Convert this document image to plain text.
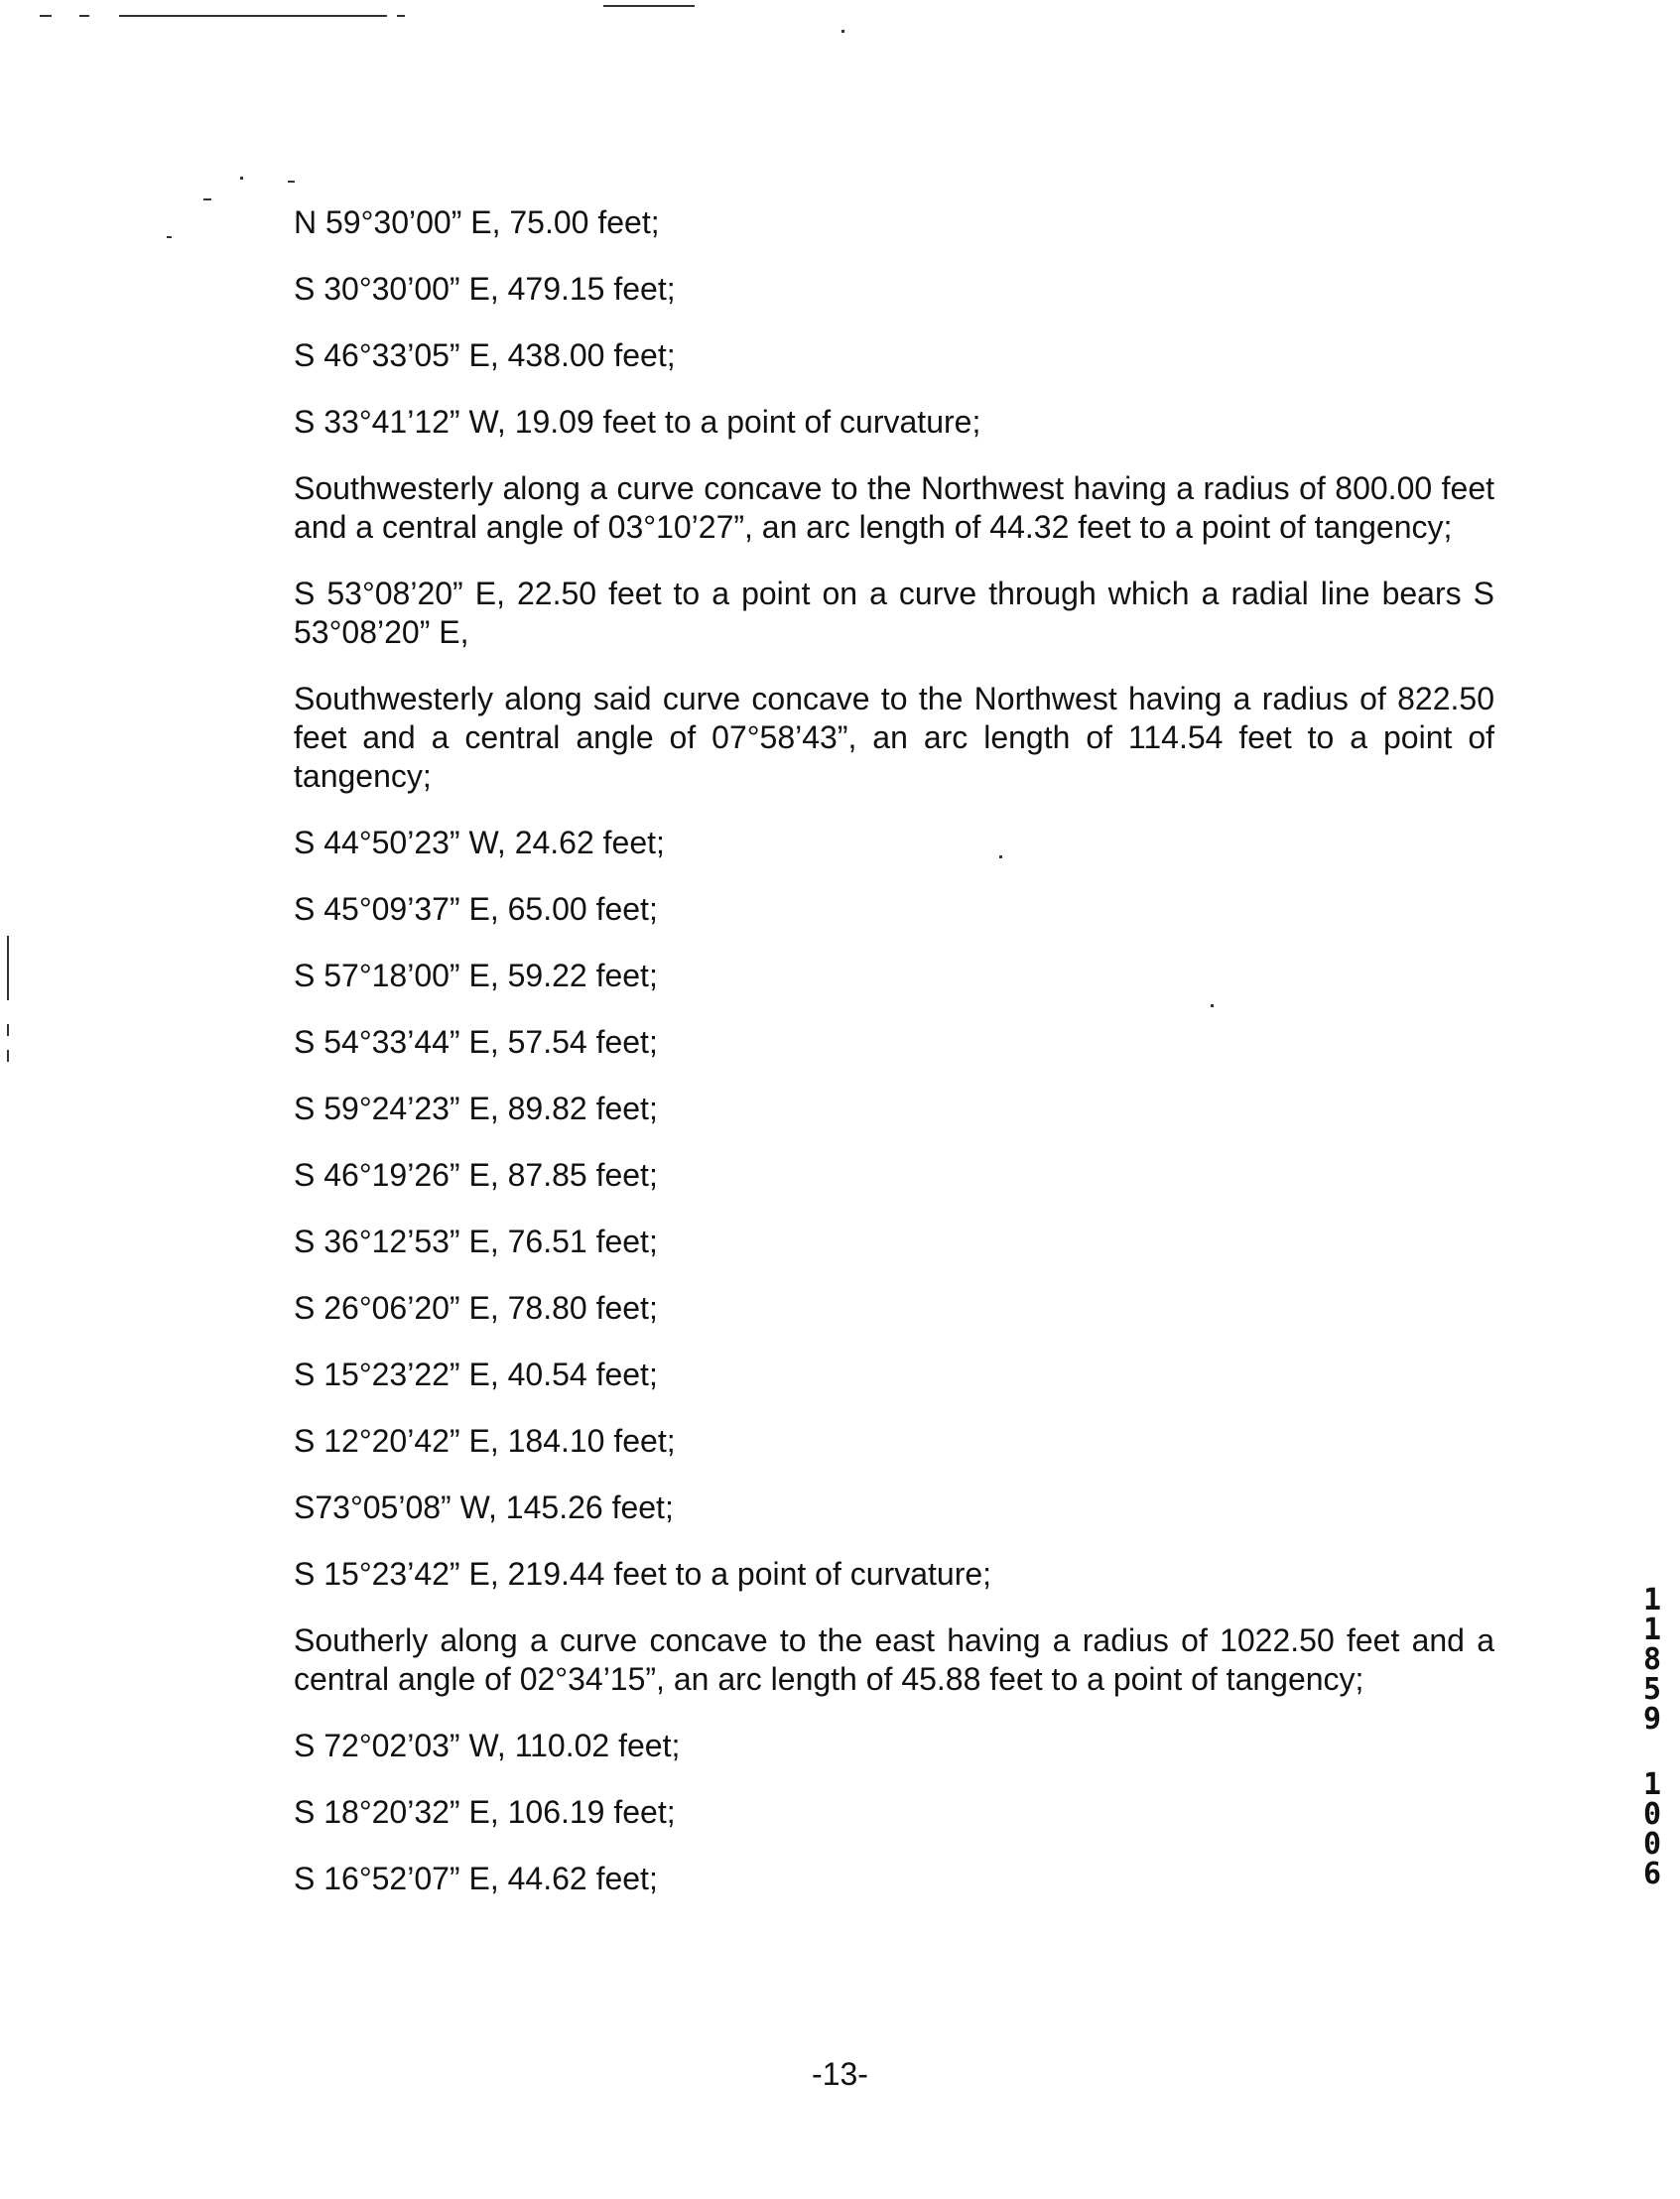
N 59°30’00” E, 75.00 feet;

S 30°30’00” E, 479.15 feet;

S 46°33’05” E, 438.00 feet;

S 33°41’12” W, 19.09 feet to a point of curvature;

Southwesterly along a curve concave to the Northwest having a radius of 800.00 feet and a central angle of 03°10’27”, an arc length of 44.32 feet to a point of tangency;

S 53°08’20” E, 22.50 feet to a point on a curve through which a radial line bears S 53°08’20” E,

Southwesterly along said curve concave to the Northwest having a radius of 822.50 feet and a central angle of 07°58’43”, an arc length of 114.54 feet to a point of tangency;

S 44°50’23” W, 24.62 feet;

S 45°09’37” E, 65.00 feet;

S 57°18’00” E, 59.22 feet;

S 54°33’44” E, 57.54 feet;

S 59°24’23” E, 89.82 feet;

S 46°19’26” E, 87.85 feet;

S 36°12’53” E, 76.51 feet;

S 26°06’20” E, 78.80 feet;

S 15°23’22” E, 40.54 feet;

S 12°20’42” E, 184.10 feet;

S73°05’08” W, 145.26 feet;

S 15°23’42” E, 219.44 feet to a point of curvature;

Southerly along a curve concave to the east having a radius of 1022.50 feet and a central angle of 02°34’15”, an arc length of 45.88 feet to a point of tangency;

S 72°02’03” W, 110.02 feet;

S 18°20’32” E, 106.19 feet;

S 16°52’07” E, 44.62 feet;

1
1
8
5
9
1
0
0
6
-13-
